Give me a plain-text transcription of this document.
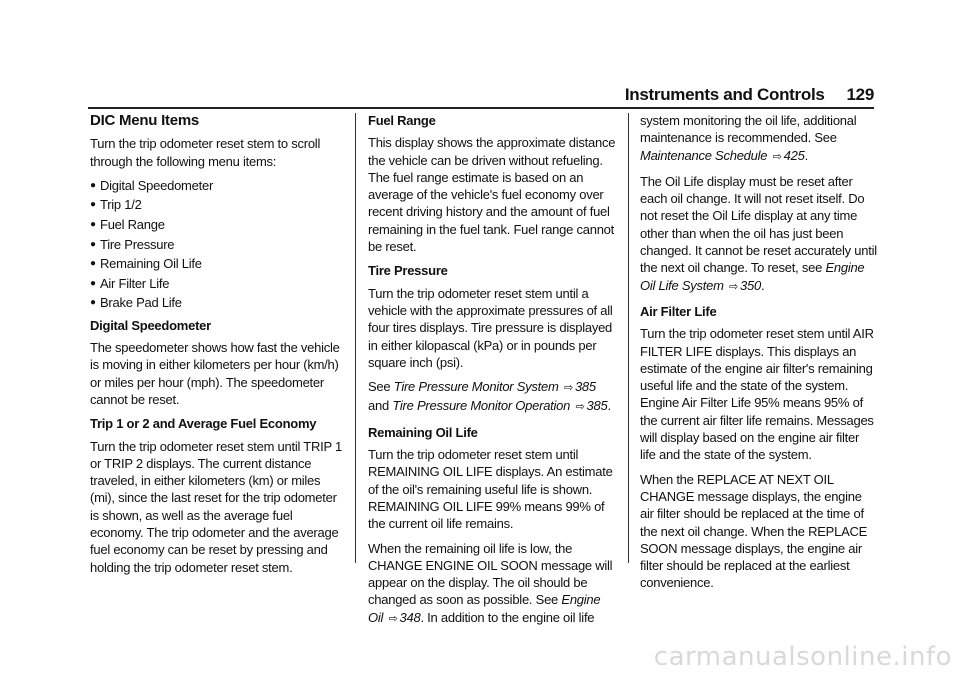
Instruments and Controls 129
DIC Menu Items

Turn the trip odometer reset stem to scroll through the following menu items:

● Digital Speedometer
● Trip 1/2
● Fuel Range
● Tire Pressure
● Remaining Oil Life
● Air Filter Life
● Brake Pad Life
Digital Speedometer

The speedometer shows how fast the vehicle is moving in either kilometers per hour (km/h) or miles per hour (mph). The speedometer cannot be reset.

Trip 1 or 2 and Average Fuel Economy

Turn the trip odometer reset stem until TRIP 1 or TRIP 2 displays. The current distance traveled, in either kilometers (km) or miles (mi), since the last reset for the trip odometer is shown, as well as the average fuel economy. The trip odometer and the average fuel economy can be reset by pressing and holding the trip odometer reset stem.

Fuel Range

This display shows the approximate distance the vehicle can be driven without refueling. The fuel range estimate is based on an average of the vehicle's fuel economy over recent driving history and the amount of fuel remaining in the fuel tank. Fuel range cannot be reset.

Tire Pressure

Turn the trip odometer reset stem until a vehicle with the approximate pressures of all four tires displays. Tire pressure is displayed in either kilopascal (kPa) or in pounds per square inch (psi).

See Tire Pressure Monitor System ⇨ 385 and Tire Pressure Monitor Operation ⇨ 385.

Remaining Oil Life

Turn the trip odometer reset stem until REMAINING OIL LIFE displays. An estimate of the oil's remaining useful life is shown. REMAINING OIL LIFE 99% means 99% of the current oil life remains.

When the remaining oil life is low, the CHANGE ENGINE OIL SOON message will appear on the display. The oil should be changed as soon as possible. See Engine Oil ⇨ 348. In addition to the engine oil life

system monitoring the oil life, additional maintenance is recommended. See Maintenance Schedule ⇨ 425.

The Oil Life display must be reset after each oil change. It will not reset itself. Do not reset the Oil Life display at any time other than when the oil has just been changed. It cannot be reset accurately until the next oil change. To reset, see Engine Oil Life System ⇨ 350.

Air Filter Life

Turn the trip odometer reset stem until AIR FILTER LIFE displays. This displays an estimate of the engine air filter's remaining useful life and the state of the system. Engine Air Filter Life 95% means 95% of the current air filter life remains. Messages will display based on the engine air filter life and the state of the system.

When the REPLACE AT NEXT OIL CHANGE message displays, the engine air filter should be replaced at the time of the next oil change. When the REPLACE SOON message displays, the engine air filter should be replaced at the earliest convenience.

carmanualsonline.info
